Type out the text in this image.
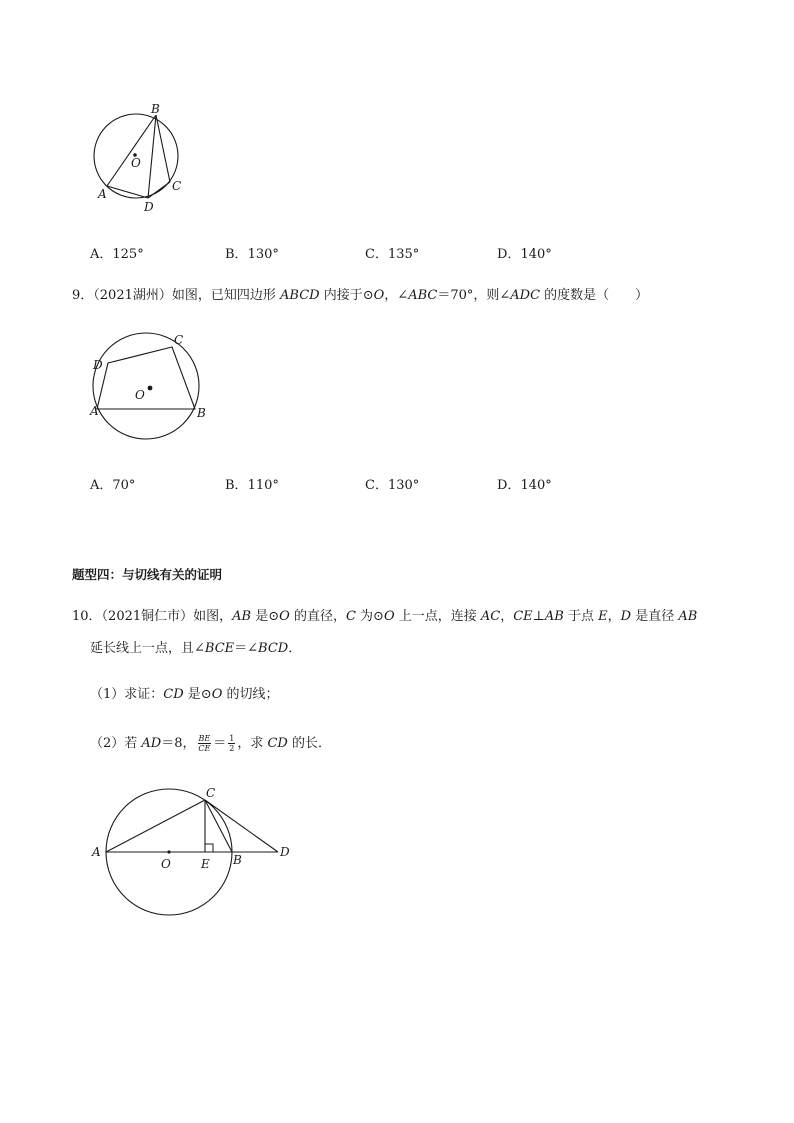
B
O
A
D
C
A．125°	B．130°	C．135°	D．140°
9．（2021湖州）如图，已知四边形 ABCD 内接于⊙O，∠ABC＝70°，则∠ADC 的度数是（　　）
C
D
O
A	B
A．70°	B．110°	C．130°	D．140°
题型四：与切线有关的证明
10．（2021铜仁市）如图，AB 是⊙O 的直径，C 为⊙O 上一点，连接 AC，CE⊥AB 于点 E，D 是直径 AB
延长线上一点，且∠BCE＝∠BCD．
（1）求证：CD 是⊙O 的切线；
（2）若 AD＝8， $\frac{BE}{CE} = \frac{1}{2}$ ，求 CD 的长．
C
A
O	E B
D
